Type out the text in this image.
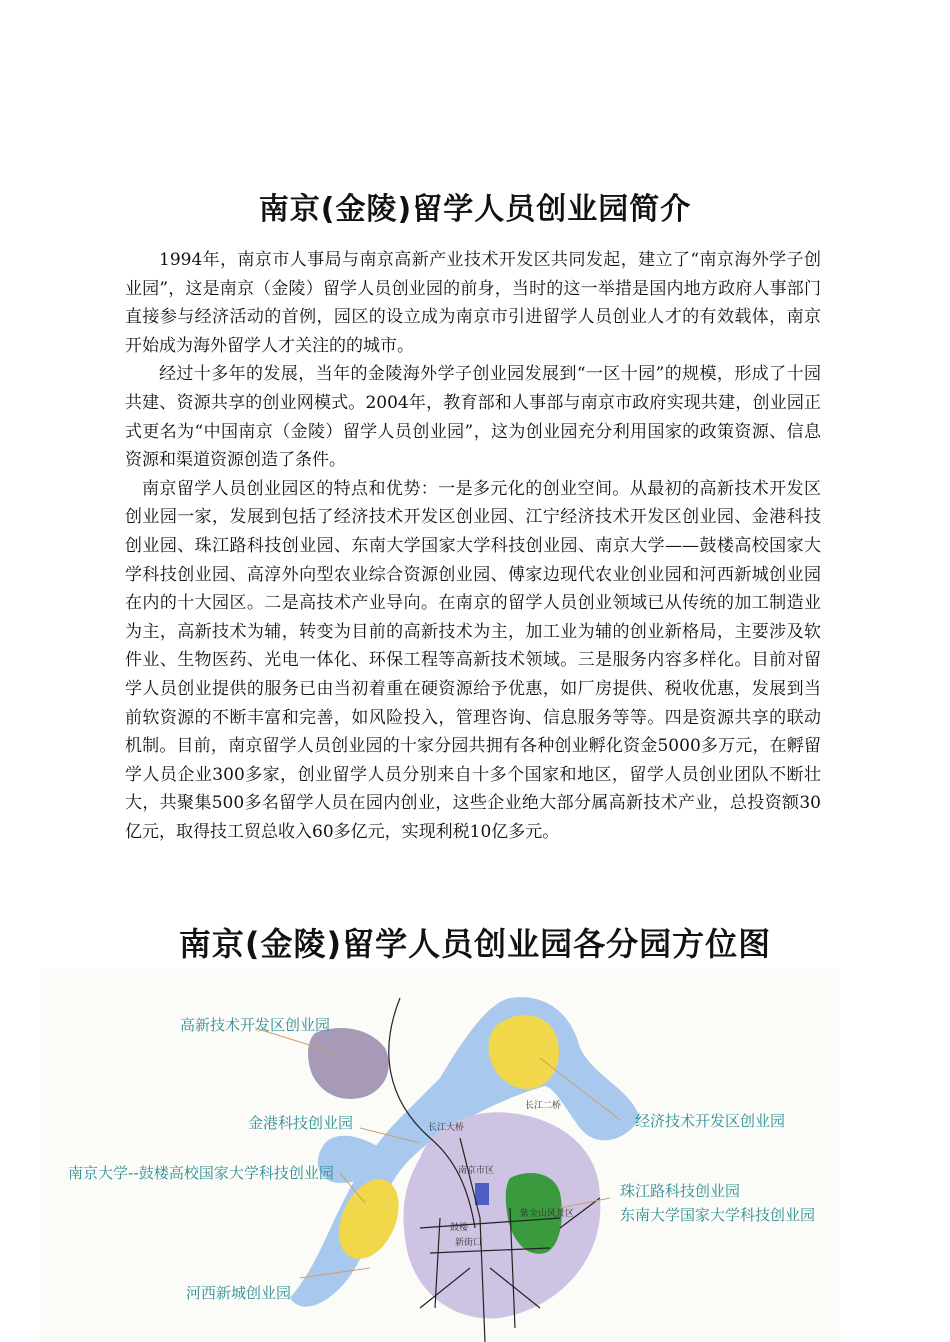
南京(金陵)留学人员创业园简介

1994年，南京市人事局与南京高新产业技术开发区共同发起，建立了“南京海外学子创业园”，这是南京（金陵）留学人员创业园的前身，当时的这一举措是国内地方政府人事部门直接参与经济活动的首例，园区的设立成为南京市引进留学人员创业人才的有效载体，南京开始成为海外留学人才关注的的城市。

经过十多年的发展，当年的金陵海外学子创业园发展到“一区十园”的规模，形成了十园共建、资源共享的创业网模式。2004年，教育部和人事部与南京市政府实现共建，创业园正式更名为“中国南京（金陵）留学人员创业园”，这为创业园充分利用国家的政策资源、信息资源和渠道资源创造了条件。

南京留学人员创业园区的特点和优势：一是多元化的创业空间。从最初的高新技术开发区创业园一家，发展到包括了经济技术开发区创业园、江宁经济技术开发区创业园、金港科技创业园、珠江路科技创业园、东南大学国家大学科技创业园、南京大学——鼓楼高校国家大学科技创业园、高淳外向型农业综合资源创业园、傅家边现代农业创业园和河西新城创业园在内的十大园区。二是高技术产业导向。在南京的留学人员创业领域已从传统的加工制造业为主，高新技术为辅，转变为目前的高新技术为主，加工业为辅的创业新格局，主要涉及软件业、生物医药、光电一体化、环保工程等高新技术领域。三是服务内容多样化。目前对留学人员创业提供的服务已由当初着重在硬资源给予优惠，如厂房提供、税收优惠，发展到当前软资源的不断丰富和完善，如风险投入，管理咨询、信息服务等等。四是资源共享的联动机制。目前，南京留学人员创业园的十家分园共拥有各种创业孵化资金5000多万元，在孵留学人员企业300多家，创业留学人员分别来自十多个国家和地区，留学人员创业团队不断壮大，共聚集500多名留学人员在园内创业，这些企业绝大部分属高新技术产业，总投资额30亿元，取得技工贸总收入60多亿元，实现利税10亿多元。

南京(金陵)留学人员创业园各分园方位图
高新技术开发区创业园
金港科技创业园
南京大学--鼓楼高校国家大学科技创业园
河西新城创业园
经济技术开发区创业园
珠江路科技创业园
东南大学国家大学科技创业园
长江大桥
长江二桥
南京市区
鼓楼
新街口
紫金山风景区
